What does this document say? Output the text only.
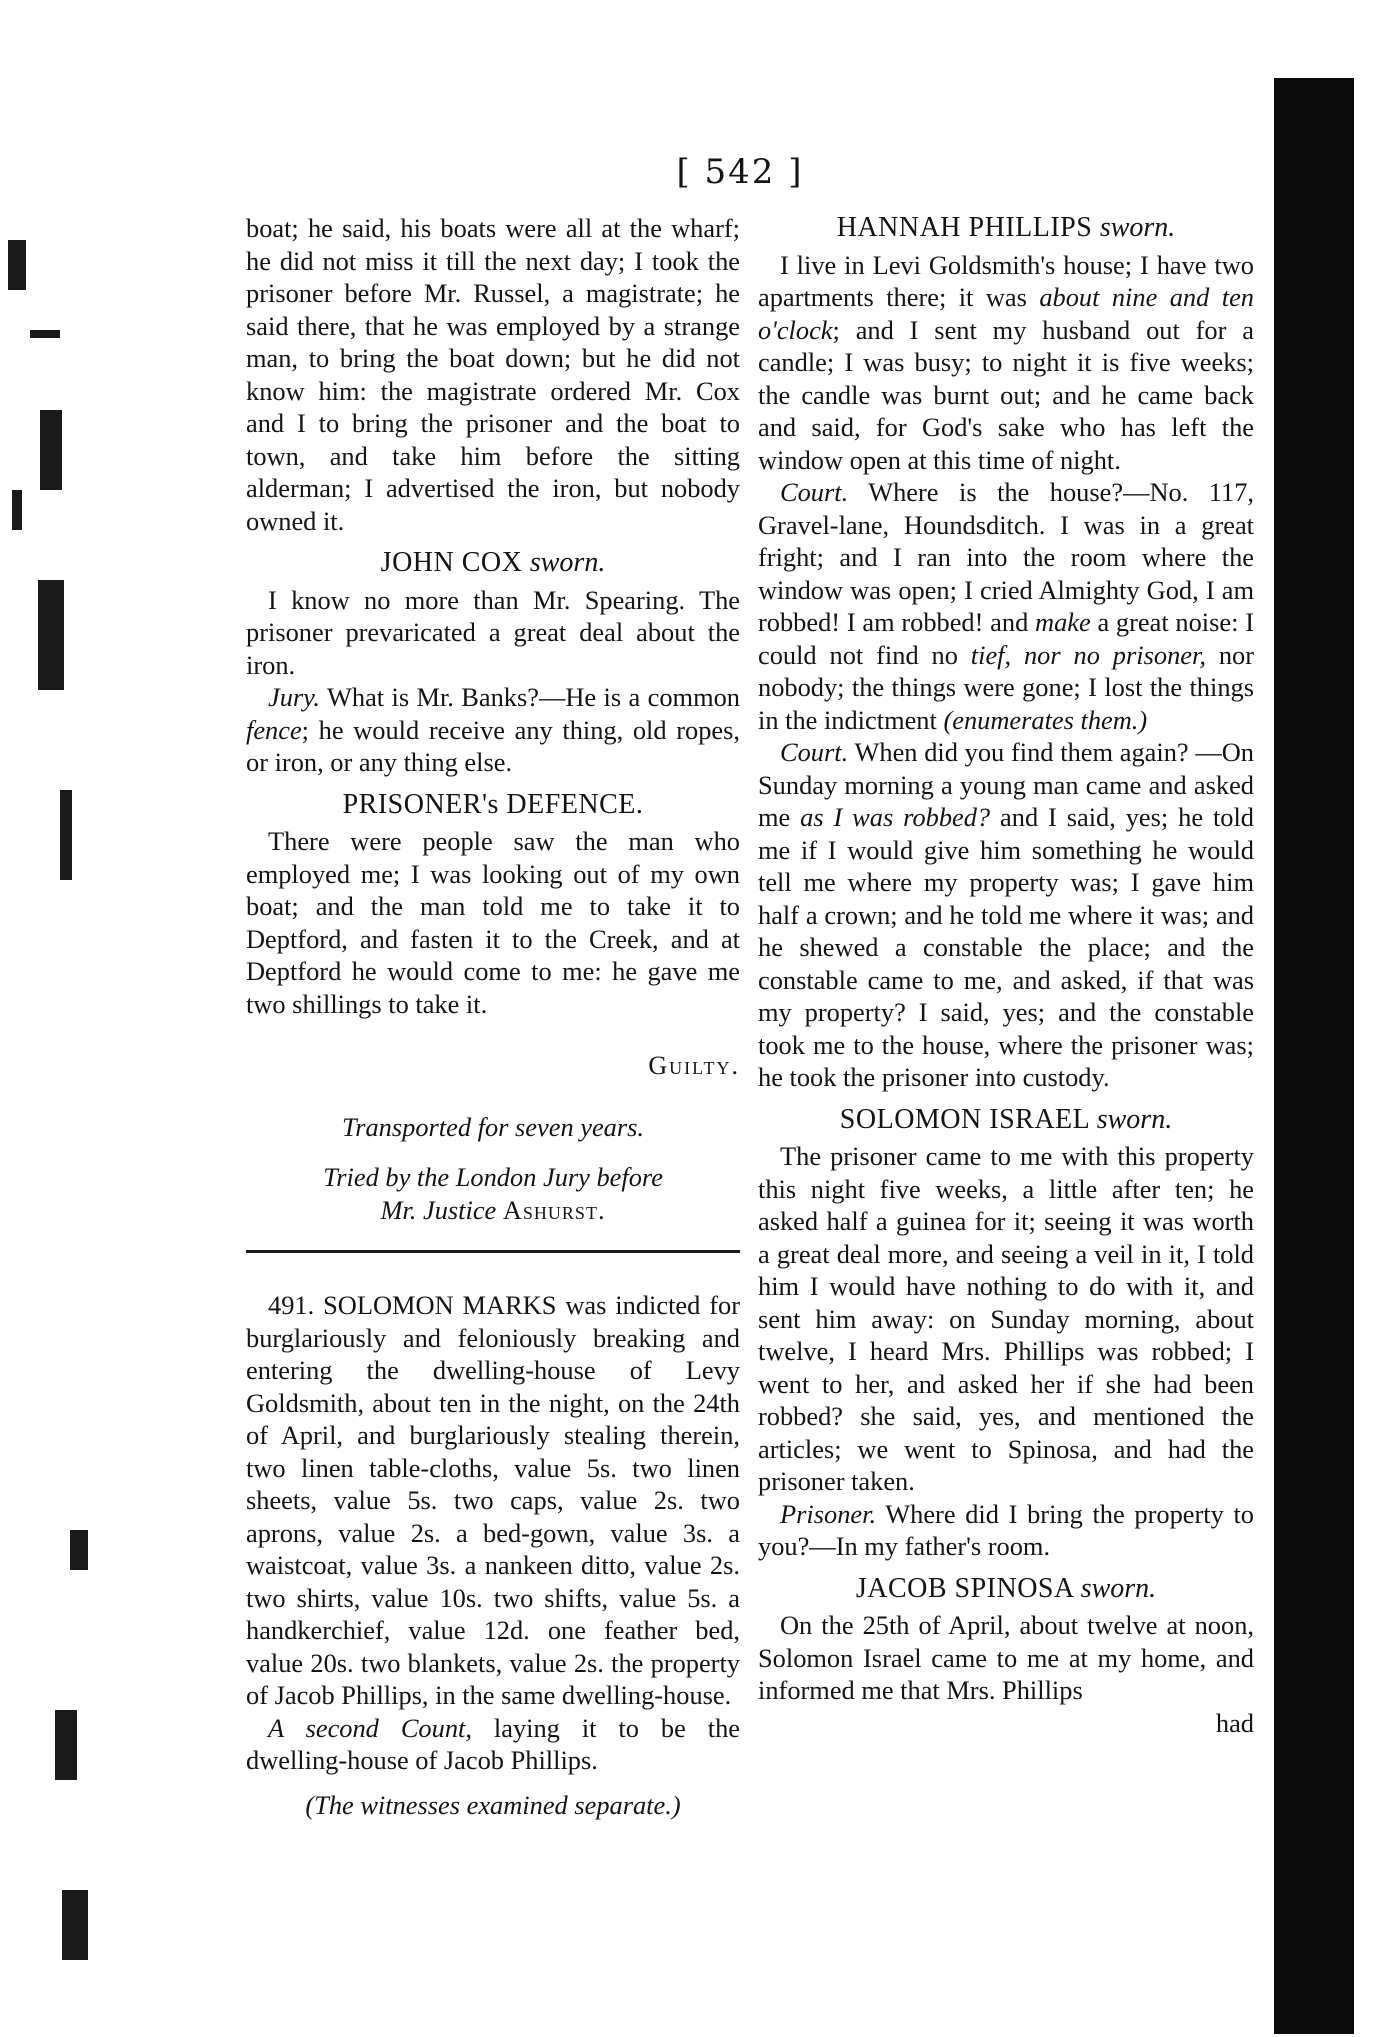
[ 542 ]

boat; he said, his boats were all at the wharf; he did not miss it till the next day; I took the prisoner before Mr. Russel, a magistrate; he said there, that he was employed by a strange man, to bring the boat down; but he did not know him: the magistrate ordered Mr. Cox and I to bring the prisoner and the boat to town, and take him before the sitting alderman; I advertised the iron, but nobody owned it.

JOHN COX sworn.

I know no more than Mr. Spearing. The prisoner prevaricated a great deal about the iron.

Jury. What is Mr. Banks?—He is a common fence; he would receive any thing, old ropes, or iron, or any thing else.

PRISONER's DEFENCE.

There were people saw the man who employed me; I was looking out of my own boat; and the man told me to take it to Deptford, and fasten it to the Creek, and at Deptford he would come to me: he gave me two shillings to take it.

Guilty.
Transported for seven years.
Tried by the London Jury before
Mr. Justice Ashurst.

491. SOLOMON MARKS was indicted for burglariously and feloniously breaking and entering the dwelling-house of Levy Goldsmith, about ten in the night, on the 24th of April, and burglariously stealing therein, two linen table-cloths, value 5s. two linen sheets, value 5s. two caps, value 2s. two aprons, value 2s. a bed-gown, value 3s. a waistcoat, value 3s. a nankeen ditto, value 2s. two shirts, value 10s. two shifts, value 5s. a handkerchief, value 12d. one feather bed, value 20s. two blankets, value 2s. the property of Jacob Phillips, in the same dwelling-house.

A second Count, laying it to be the dwelling-house of Jacob Phillips.

(The witnesses examined separate.)
HANNAH PHILLIPS sworn.

I live in Levi Goldsmith's house; I have two apartments there; it was about nine and ten o'clock; and I sent my husband out for a candle; I was busy; to night it is five weeks; the candle was burnt out; and he came back and said, for God's sake who has left the window open at this time of night.

Court. Where is the house?—No. 117, Gravel-lane, Houndsditch. I was in a great fright; and I ran into the room where the window was open; I cried Almighty God, I am robbed! I am robbed! and make a great noise: I could not find no tief, nor no prisoner, nor nobody; the things were gone; I lost the things in the indictment (enumerates them.)

Court. When did you find them again? —On Sunday morning a young man came and asked me as I was robbed? and I said, yes; he told me if I would give him something he would tell me where my property was; I gave him half a crown; and he told me where it was; and he shewed a constable the place; and the constable came to me, and asked, if that was my property? I said, yes; and the constable took me to the house, where the prisoner was; he took the prisoner into custody.

SOLOMON ISRAEL sworn.

The prisoner came to me with this property this night five weeks, a little after ten; he asked half a guinea for it; seeing it was worth a great deal more, and seeing a veil in it, I told him I would have nothing to do with it, and sent him away: on Sunday morning, about twelve, I heard Mrs. Phillips was robbed; I went to her, and asked her if she had been robbed? she said, yes, and mentioned the articles; we went to Spinosa, and had the prisoner taken.

Prisoner. Where did I bring the property to you?—In my father's room.

JACOB SPINOSA sworn.

On the 25th of April, about twelve at noon, Solomon Israel came to me at my home, and informed me that Mrs. Phillips

had
